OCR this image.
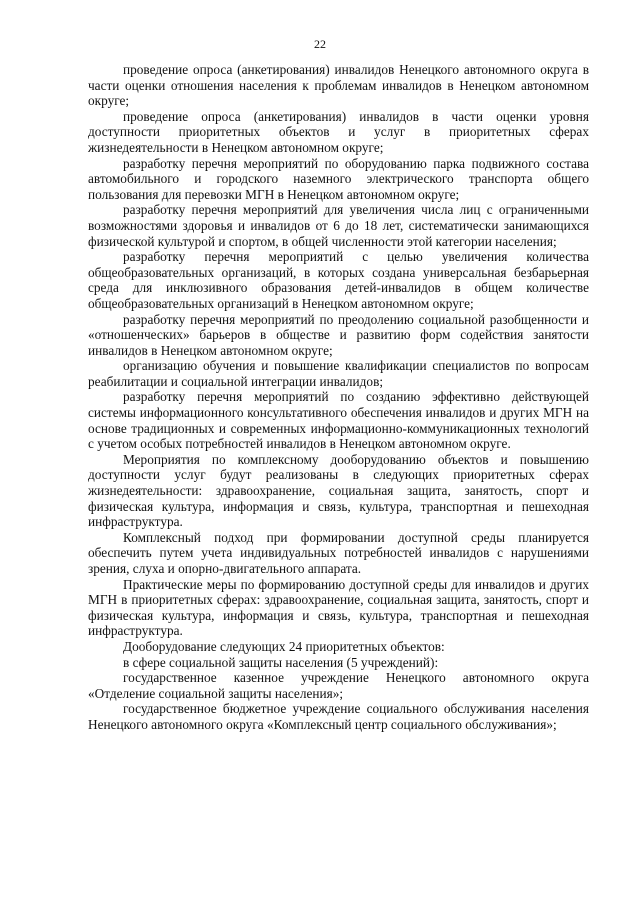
22

проведение опроса (анкетирования) инвалидов Ненецкого автономного округа в части оценки отношения населения к проблемам инвалидов в Ненецком автономном округе;

проведение опроса (анкетирования) инвалидов в части оценки уровня доступности приоритетных объектов и услуг в приоритетных сферах жизнедеятельности в Ненецком автономном округе;

разработку перечня мероприятий по оборудованию парка подвижного состава автомобильного и городского наземного электрического транспорта общего пользования для перевозки МГН в Ненецком автономном округе;

разработку перечня мероприятий для увеличения числа лиц с ограниченными возможностями здоровья и инвалидов от 6 до 18 лет, систематически занимающихся физической культурой и спортом, в общей численности этой категории населения;

разработку перечня мероприятий с целью увеличения количества общеобразовательных организаций, в которых создана универсальная безбарьерная среда для инклюзивного образования детей-инвалидов в общем количестве общеобразовательных организаций в Ненецком автономном округе;

разработку перечня мероприятий по преодолению социальной разобщенности и «отношенческих» барьеров в обществе и развитию форм содействия занятости инвалидов в Ненецком автономном округе;

организацию обучения и повышение квалификации специалистов по вопросам реабилитации и социальной интеграции инвалидов;

разработку перечня мероприятий по созданию эффективно действующей системы информационного консультативного обеспечения инвалидов и других МГН на основе традиционных и современных информационно-коммуникационных технологий с учетом особых потребностей инвалидов в Ненецком автономном округе.

Мероприятия по комплексному дооборудованию объектов и повышению доступности услуг будут реализованы в следующих приоритетных сферах жизнедеятельности: здравоохранение, социальная защита, занятость, спорт и физическая культура, информация и связь, культура, транспортная и пешеходная инфраструктура.

Комплексный подход при формировании доступной среды планируется обеспечить путем учета индивидуальных потребностей инвалидов с нарушениями зрения, слуха и опорно-двигательного аппарата.

Практические меры по формированию доступной среды для инвалидов и других МГН в приоритетных сферах: здравоохранение, социальная защита, занятость, спорт и физическая культура, информация и связь, культура, транспортная и пешеходная инфраструктура.

Дооборудование следующих 24 приоритетных объектов:

в сфере социальной защиты населения (5 учреждений):

государственное казенное учреждение Ненецкого автономного округа «Отделение социальной защиты населения»;

государственное бюджетное учреждение социального обслуживания населения Ненецкого автономного округа «Комплексный центр социального обслуживания»;
